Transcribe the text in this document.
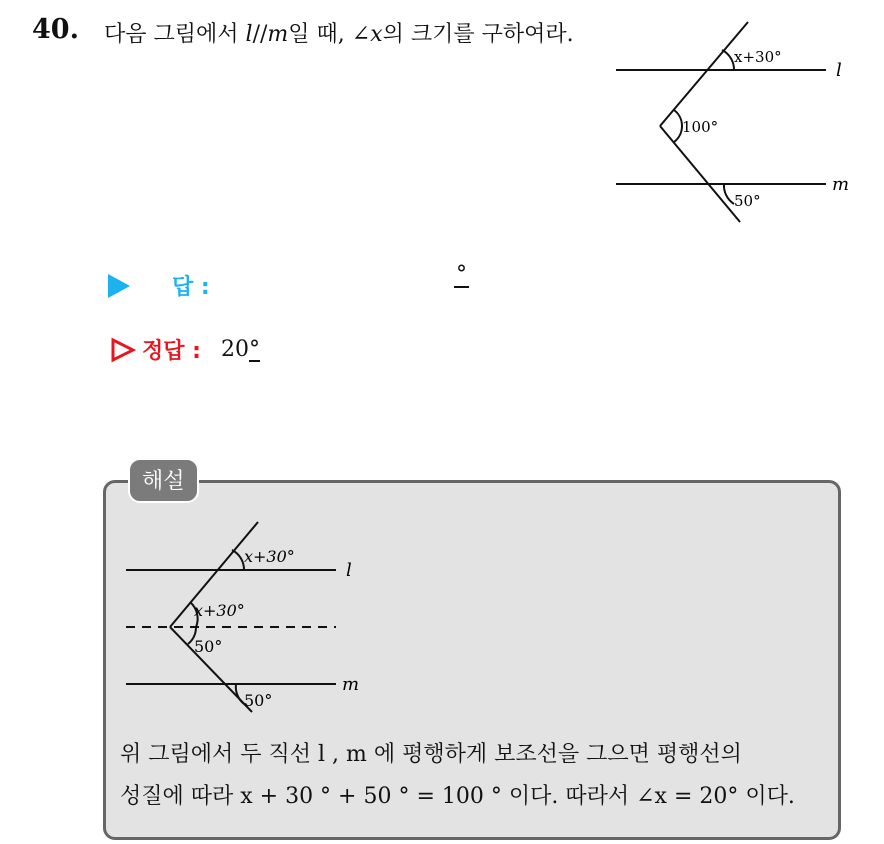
40. 다음 그림에서 l//m일 때, ∠x의 크기를 구하여라.
x+30°
100°
50°
l
m
답 :
°
정답 : 20°
해설
x+30°
x+30°
50°
50°
l
m
위 그림에서 두 직선 l , m 에 평행하게 보조선을 그으면 평행선의
성질에 따라 x + 30 ° + 50 ° = 100 ° 이다. 따라서 ∠x = 20° 이다.
